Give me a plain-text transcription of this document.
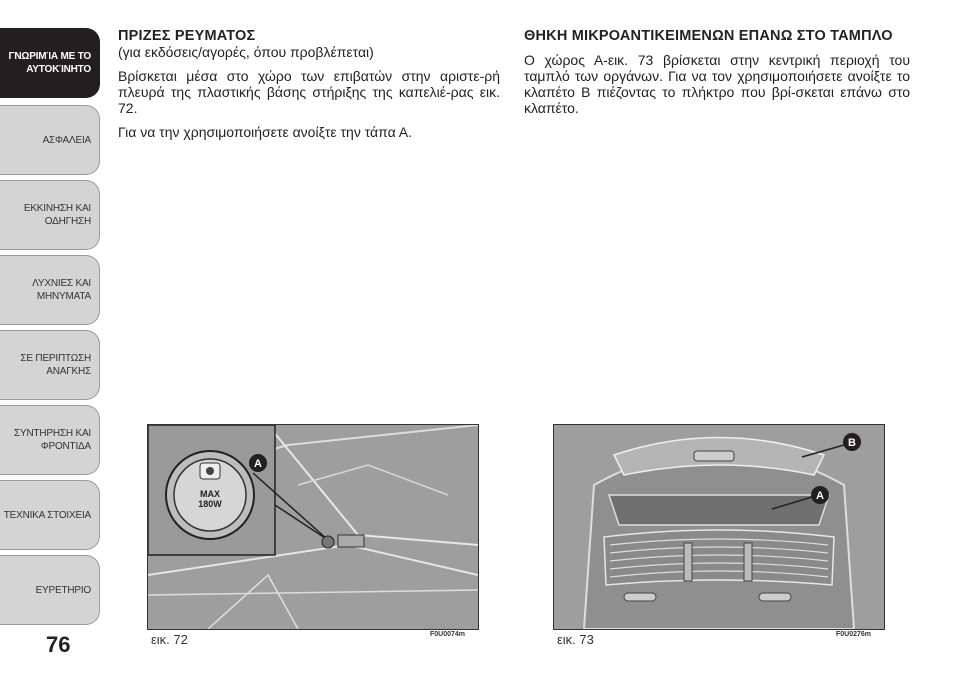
ΓΝΩΡΙΜΊΑ ΜΕ ΤΟ
ΑΥΤΟΚΊΝΗΤΟ
ΑΣΦΑΛΕΙΑ
ΕΚΚΙΝΗΣΗ ΚΑΙ
ΟΔΗΓΗΣΗ
ΛΥΧΝΙΕΣ ΚΑΙ
ΜΗΝΥΜΑΤΑ
ΣΕ ΠΕΡΙΠΤΩΣΗ
ΑΝΑΓΚΗΣ
ΣΥΝΤΗΡΗΣΗ ΚΑΙ
ΦΡΟΝΤΙΔΑ
ΤΕΧΝΙΚΑ ΣΤΟΙΧΕΙΑ
ΕΥΡΕΤΗΡΙΟ
76

ΠΡΙΖΕΣ ΡΕΥΜΑΤΟΣ

(για εκδόσεις/αγορές, όπου προβλέπεται)

Βρίσκεται μέσα στο χώρο των επιβατών στην αριστε-ρή πλευρά της πλαστικής βάσης στήριξης της καπελιέ-ρας εικ. 72.

Για να την χρησιμοποιήσετε ανοίξτε την τάπα Α.

ΘΗΚΗ ΜΙΚΡΟΑΝΤΙΚΕΙΜΕΝΩΝ ΕΠΑΝΩ ΣΤΟ ΤΑΜΠΛΟ

Ο χώρος Α-εικ. 73 βρίσκεται στην κεντρική περιοχή του ταμπλό των οργάνων. Για να τον χρησιμοποιήσετε ανοίξτε το κλαπέτο Β πιέζοντας το πλήκτρο που βρί-σκεται επάνω στο κλαπέτο.

MAX
180W
A
εικ. 72	F0U0074m
B
A
εικ. 73	F0U0276m
